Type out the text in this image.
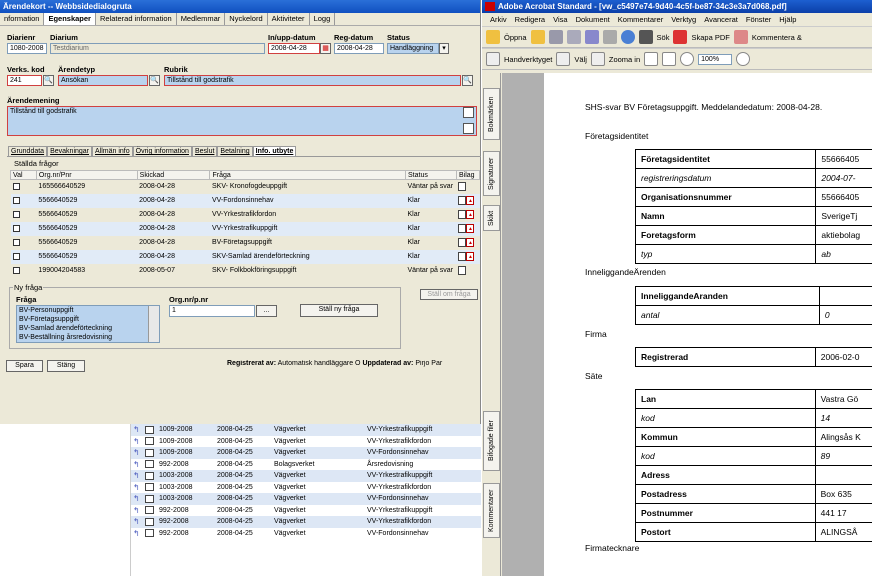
Ärendekort -- Webbsidedialogruta
nformation	Egenskaper	Relaterad information	Medlemmar	Nyckelord	Aktiviteter	Logg
Diarienr
1080-2008
Diarium
Testdiarium
In/upp-datum
2008-04-28	▦
Reg-datum
2008-04-28
Status
Handläggning	▾
Verks. kod
241	🔍
Ärendetyp
Ansökan	🔍
Rubrik
Tillstånd till godstrafik	🔍
Ärendemening
Tillstånd till godstrafik
Grunddata Bevakningar Allmän info Övrig information Beslut Betalning Info. utbyte
Ställda frågor
Val	Org.nr/Pnr	Skickad	Fråga	Status	Bilag
	165566640529	2008-04-28	SKV- Kronofogdeuppgift	Väntar på svar	
	5566640529	2008-04-28	VV-Fordonsinnehav	Klar	▲
	5566640529	2008-04-28	VV-Yrkestrafikfordon	Klar	▲
	5566640529	2008-04-28	VV-Yrkestrafikuppgift	Klar	▲
	5566640529	2008-04-28	BV-Företagsuppgift	Klar	▲
	5566640529	2008-04-28	SKV-Samlad ärendeförteckning	Klar	▲
	199004204583	2008-05-07	SKV- Folkbokföringsuppgift	Väntar på svar	
Ställ om fråga
Ny fråga
Fråga
BV-Personuppgift
BV-Företagsuppgift
BV-Samlad ärendeförteckning
BV-Beställning årsredovisning
Org.nr/p.nr
1	...	Ställ ny fråga
Spara	Stäng	Registrerat av: Automatisk handläggare O Uppdaterad av: Pirjo Par
↰		1009-2008	2008-04-25	Vägverket	VV-Yrkestrafikuppgift
↰		1009-2008	2008-04-25	Vägverket	VV-Yrkestrafikfordon
↰		1009-2008	2008-04-25	Vägverket	VV-Fordonsinnehav
↰		992-2008	2008-04-25	Bolagsverket	Årsredovisning
↰		1003-2008	2008-04-25	Vägverket	VV-Yrkestrafikuppgift
↰		1003-2008	2008-04-25	Vägverket	VV-Yrkestrafikfordon
↰		1003-2008	2008-04-25	Vägverket	VV-Fordonsinnehav
↰		992-2008	2008-04-25	Vägverket	VV-Yrkestrafikuppgift
↰		992-2008	2008-04-25	Vägverket	VV-Yrkestrafikfordon
↰		992-2008	2008-04-25	Vägverket	VV-Fordonsinnehav
Adobe Acrobat Standard - [vw_c5497e74-9d40-4c5f-be87-34c3e3a7d068.pdf]
Arkiv	Redigera	Visa	Dokument	Kommentarer	Verktyg	Avancerat	Fönster	Hjälp
Öppna	Sök	Skapa PDF	Kommentera &
Handverktyget	Välj	Zooma in	100%
Bokmärken
Signaturer
Skikt
Bifogade filer
Kommentarer
SHS-svar BV Företagsuppgift. Meddelandedatum: 2008-04-28.
Företagsidentitet
Företagsidentitet	55666405
registreringsdatum	2004-07-
Organisationsnummer	55666405
Namn	SverigeTj
Foretagsform	aktiebolag
typ	ab
InneliggandeÄrenden
InneliggandeAranden	
antal	0
Firma
Registrerad	2006-02-0
Säte
Lan	Vastra Gö
kod	14
Kommun	Alingsås K
kod	89
Adress	
Postadress	Box 635
Postnummer	441 17
Postort	ALINGSÅ
Firmatecknare
